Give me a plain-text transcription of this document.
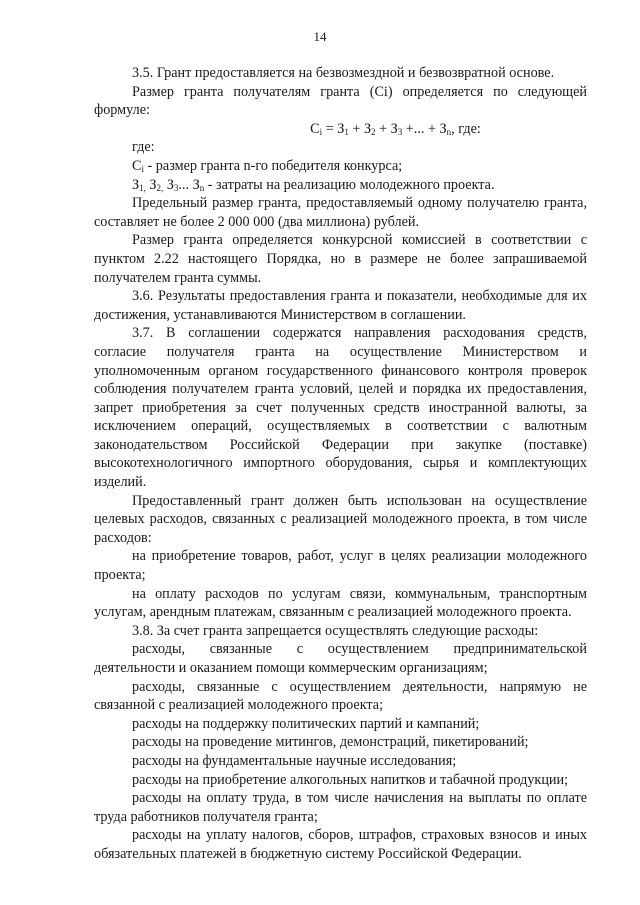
14

3.5. Грант предоставляется на безвозмездной и безвозвратной основе.

Размер гранта получателям гранта (Ci) определяется по следующей формуле:

$C_i = З_1 + З_2 + З_3$ +... + $З_n$, где:

где:

$C_i$ - размер гранта n-го победителя конкурса;

$З_{1,}$ $З_{2,}$ $З_3$... $З_n$ - затраты на реализацию молодежного проекта.

Предельный размер гранта, предоставляемый одному получателю гранта, составляет не более 2 000 000 (два миллиона) рублей.

Размер гранта определяется конкурсной комиссией в соответствии с пунктом 2.22 настоящего Порядка, но в размере не более запрашиваемой получателем гранта суммы.

3.6. Результаты предоставления гранта и показатели, необходимые для их достижения, устанавливаются Министерством в соглашении.

3.7. В соглашении содержатся направления расходования средств, согласие получателя гранта на осуществление Министерством и уполномоченным органом государственного финансового контроля проверок соблюдения получателем гранта условий, целей и порядка их предоставления, запрет приобретения за счет полученных средств иностранной валюты, за исключением операций, осуществляемых в соответствии с валютным законодательством Российской Федерации при закупке (поставке) высокотехнологичного импортного оборудования, сырья и комплектующих изделий.

Предоставленный грант должен быть использован на осуществление целевых расходов, связанных с реализацией молодежного проекта, в том числе расходов:

на приобретение товаров, работ, услуг в целях реализации молодежного проекта;

на оплату расходов по услугам связи, коммунальным, транспортным услугам, арендным платежам, связанным с реализацией молодежного проекта.

3.8. За счет гранта запрещается осуществлять следующие расходы:

расходы, связанные с осуществлением предпринимательской деятельности и оказанием помощи коммерческим организациям;

расходы, связанные с осуществлением деятельности, напрямую не связанной с реализацией молодежного проекта;

расходы на поддержку политических партий и кампаний;

расходы на проведение митингов, демонстраций, пикетирований;

расходы на фундаментальные научные исследования;

расходы на приобретение алкогольных напитков и табачной продукции;

расходы на оплату труда, в том числе начисления на выплаты по оплате труда работников получателя гранта;

расходы на уплату налогов, сборов, штрафов, страховых взносов и иных обязательных платежей в бюджетную систему Российской Федерации.
